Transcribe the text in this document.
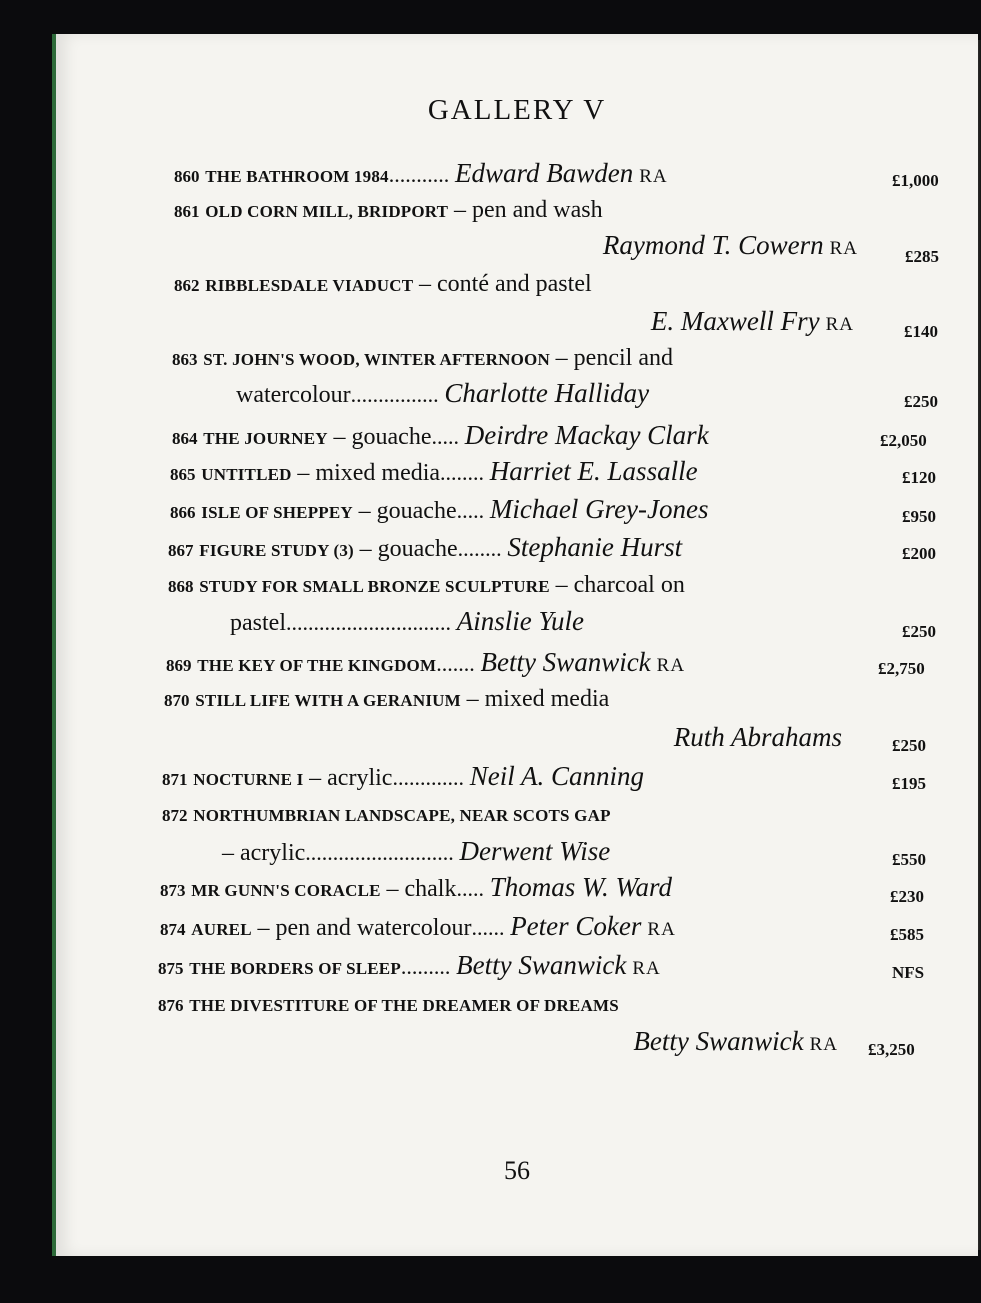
GALLERY V
860 THE BATHROOM 1984........... Edward Bawden RA	£1,000
861 OLD CORN MILL, BRIDPORT – pen and wash
Raymond T. Cowern RA	£285
862 RIBBLESDALE VIADUCT – conté and pastel
E. Maxwell Fry RA	£140
863 ST. JOHN'S WOOD, WINTER AFTERNOON – pencil and
watercolour................ Charlotte Halliday	£250
864 THE JOURNEY – gouache..... Deirdre Mackay Clark	£2,050
865 UNTITLED – mixed media........ Harriet E. Lassalle	£120
866 ISLE OF SHEPPEY – gouache..... Michael Grey-Jones	£950
867 FIGURE STUDY (3) – gouache........ Stephanie Hurst	£200
868 STUDY FOR SMALL BRONZE SCULPTURE – charcoal on
pastel.............................. Ainslie Yule	£250
869 THE KEY OF THE KINGDOM....... Betty Swanwick RA	£2,750
870 STILL LIFE WITH A GERANIUM – mixed media
Ruth Abrahams	£250
871 NOCTURNE I – acrylic............. Neil A. Canning	£195
872 NORTHUMBRIAN LANDSCAPE, NEAR SCOTS GAP
– acrylic........................... Derwent Wise	£550
873 MR GUNN'S CORACLE – chalk..... Thomas W. Ward	£230
874 AUREL – pen and watercolour...... Peter Coker RA	£585
875 THE BORDERS OF SLEEP......... Betty Swanwick RA	NFS
876 THE DIVESTITURE OF THE DREAMER OF DREAMS
Betty Swanwick RA £3,250
56
